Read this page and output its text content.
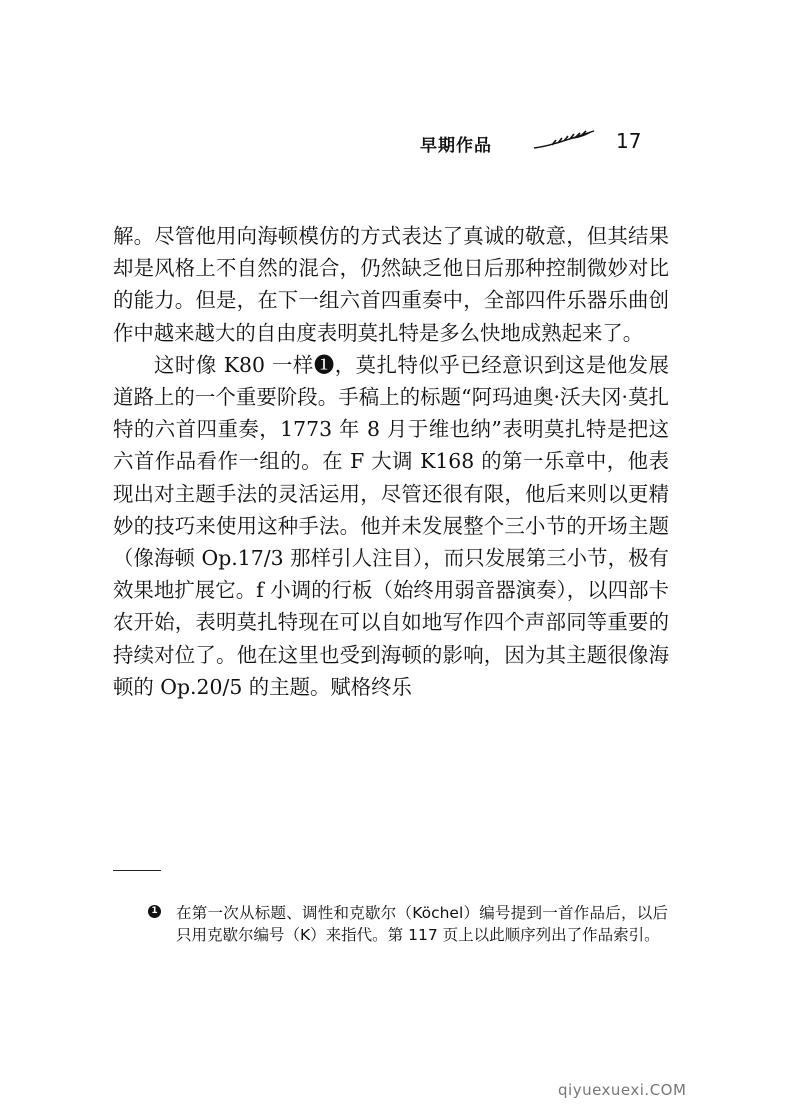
早期作品	17

解。尽管他用向海顿模仿的方式表达了真诚的敬意，但其结果却是风格上不自然的混合，仍然缺乏他日后那种控制微妙对比的能力。但是，在下一组六首四重奏中，全部四件乐器乐曲创作中越来越大的自由度表明莫扎特是多么快地成熟起来了。

这时像 K80 一样❶，莫扎特似乎已经意识到这是他发展道路上的一个重要阶段。手稿上的标题“阿玛迪奥·沃夫冈·莫扎特的六首四重奏，1773 年 8 月于维也纳”表明莫扎特是把这六首作品看作一组的。在 F 大调 K168 的第一乐章中，他表现出对主题手法的灵活运用，尽管还很有限，他后来则以更精妙的技巧来使用这种手法。他并未发展整个三小节的开场主题（像海顿 Op.17/3 那样引人注目），而只发展第三小节，极有效果地扩展它。f 小调的行板（始终用弱音器演奏），以四部卡农开始，表明莫扎特现在可以自如地写作四个声部同等重要的持续对位了。他在这里也受到海顿的影响，因为其主题很像海顿的 Op.20/5 的主题。赋格终乐

1 在第一次从标题、调性和克歇尔（Köchel）编号提到一首作品后，以后只用克歇尔编号（K）来指代。第 117 页上以此顺序列出了作品索引。

qiyuexuexi.COM
